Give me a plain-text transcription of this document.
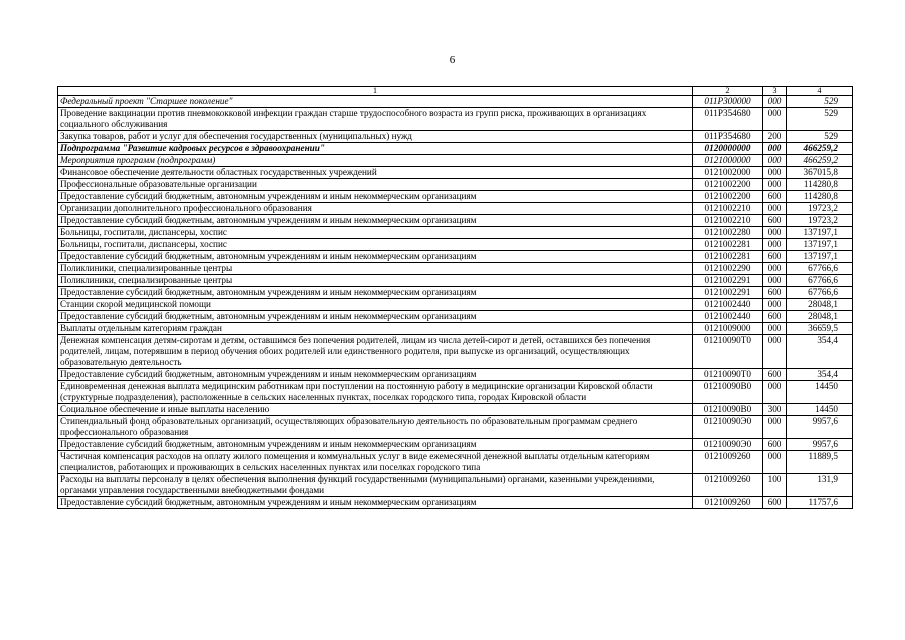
6
1	2	3	4
Федеральный проект "Старшее поколение"	011P300000	000	529
Проведение вакцинации против пневмококковой инфекции граждан старше трудоспособного возраста из групп риска, проживающих в организациях социального обслуживания	011P354680	000	529
Закупка товаров, работ и услуг для обеспечения государственных (муниципальных) нужд	011P354680	200	529
Подпрограмма "Развитие кадровых ресурсов в здравоохранении"	0120000000	000	466259,2
Мероприятия программ (подпрограмм)	0121000000	000	466259,2
Финансовое обеспечение деятельности областных государственных учреждений	0121002000	000	367015,8
Профессиональные образовательные организации	0121002200	000	114280,8
Предоставление субсидий бюджетным, автономным учреждениям и иным некоммерческим организациям	0121002200	600	114280,8
Организации дополнительного профессионального образования	0121002210	000	19723,2
Предоставление субсидий бюджетным, автономным учреждениям и иным некоммерческим организациям	0121002210	600	19723,2
Больницы, госпитали, диспансеры, хоспис	0121002280	000	137197,1
Больницы, госпитали, диспансеры, хоспис	0121002281	000	137197,1
Предоставление субсидий бюджетным, автономным учреждениям и иным некоммерческим организациям	0121002281	600	137197,1
Поликлиники, специализированные центры	0121002290	000	67766,6
Поликлиники, специализированные центры	0121002291	000	67766,6
Предоставление субсидий бюджетным, автономным учреждениям и иным некоммерческим организациям	0121002291	600	67766,6
Станции скорой медицинской помощи	0121002440	000	28048,1
Предоставление субсидий бюджетным, автономным учреждениям и иным некоммерческим организациям	0121002440	600	28048,1
Выплаты отдельным категориям граждан	0121009000	000	36659,5
Денежная компенсация детям-сиротам и детям, оставшимся без попечения родителей, лицам из числа детей-сирот и детей, оставшихся без попечения родителей, лицам, потерявшим в период обучения обоих родителей или единственного родителя, при выпуске из организаций, осуществляющих образовательную деятельность	01210090Т0	000	354,4
Предоставление субсидий бюджетным, автономным учреждениям и иным некоммерческим организациям	01210090Т0	600	354,4
Единовременная денежная выплата медицинским работникам при поступлении на постоянную работу в медицинские организации Кировской области (структурные подразделения), расположенные в сельских населенных пунктах, поселках городского типа, городах Кировской области	01210090В0	000	14450
Социальное обеспечение и иные выплаты населению	01210090В0	300	14450
Стипендиальный фонд образовательных организаций, осуществляющих образовательную деятельность по образовательным программам среднего профессионального образования	01210090Э0	000	9957,6
Предоставление субсидий бюджетным, автономным учреждениям и иным некоммерческим организациям	01210090Э0	600	9957,6
Частичная компенсация расходов на оплату жилого помещения и коммунальных услуг в виде ежемесячной денежной выплаты отдельным категориям специалистов, работающих и проживающих в сельских населенных пунктах или поселках городского типа	0121009260	000	11889,5
Расходы на выплаты персоналу в целях обеспечения выполнения функций государственными (муниципальными) органами, казенными учреждениями, органами управления государственными внебюджетными фондами	0121009260	100	131,9
Предоставление субсидий бюджетным, автономным учреждениям и иным некоммерческим организациям	0121009260	600	11757,6
